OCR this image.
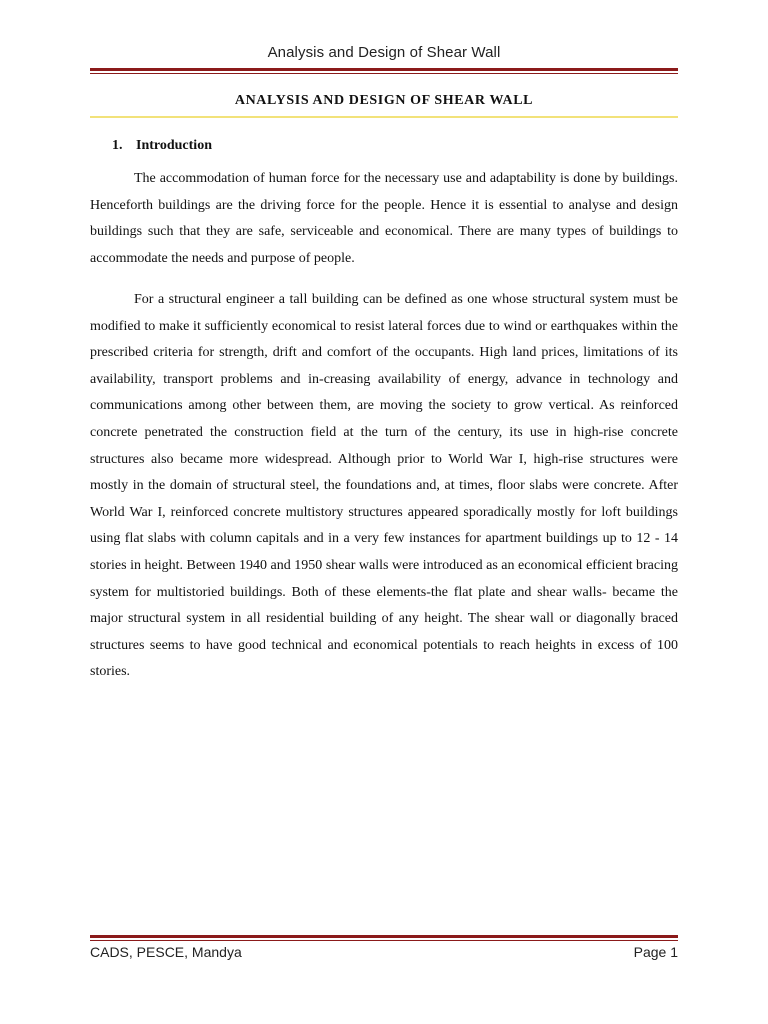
Analysis and Design of Shear Wall
ANALYSIS AND DESIGN OF SHEAR WALL
1. Introduction

The accommodation of human force for the necessary use and adaptability is done by buildings. Henceforth buildings are the driving force for the people. Hence it is essential to analyse and design buildings such that they are safe, serviceable and economical. There are many types of buildings to accommodate the needs and purpose of people.

For a structural engineer a tall building can be defined as one whose structural system must be modified to make it sufficiently economical to resist lateral forces due to wind or earthquakes within the prescribed criteria for strength, drift and comfort of the occupants. High land prices, limitations of its availability, transport problems and in-creasing availability of energy, advance in technology and communications among other between them, are moving the society to grow vertical. As reinforced concrete penetrated the construction field at the turn of the century, its use in high-rise concrete structures also became more widespread. Although prior to World War I, high-rise structures were mostly in the domain of structural steel, the foundations and, at times, floor slabs were concrete. After World War I, reinforced concrete multistory structures appeared sporadically mostly for loft buildings using flat slabs with column capitals and in a very few instances for apartment buildings up to 12 - 14 stories in height. Between 1940 and 1950 shear walls were introduced as an economical efficient bracing system for multistoried buildings. Both of these elements-the flat plate and shear walls- became the major structural system in all residential building of any height. The shear wall or diagonally braced structures seems to have good technical and economical potentials to reach heights in excess of 100 stories.

CADS, PESCE, Mandya	Page 1
